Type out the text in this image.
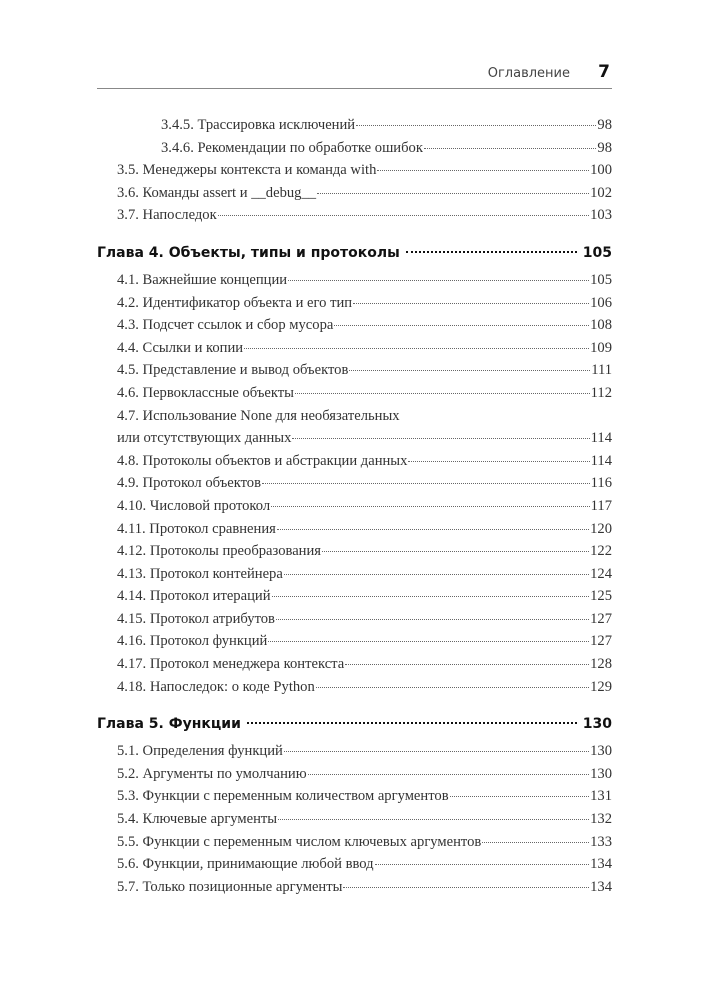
Оглавление 7
3.4.5. Трассировка исключений	98
3.4.6. Рекомендации по обработке ошибок	98
3.5. Менеджеры контекста и команда with	100
3.6. Команды assert и __debug__	102
3.7. Напоследок	103
Глава 4. Объекты, типы и протоколы	105
4.1. Важнейшие концепции	105
4.2. Идентификатор объекта и его тип	106
4.3. Подсчет ссылок и сбор мусора	108
4.4. Ссылки и копии	109
4.5. Представление и вывод объектов	111
4.6. Первоклассные объекты	112
4.7. Использование None для необязательных
или отсутствующих данных	114
4.8. Протоколы объектов и абстракции данных	114
4.9. Протокол объектов	116
4.10. Числовой протокол	117
4.11. Протокол сравнения	120
4.12. Протоколы преобразования	122
4.13. Протокол контейнера	124
4.14. Протокол итераций	125
4.15. Протокол атрибутов	127
4.16. Протокол функций	127
4.17. Протокол менеджера контекста	128
4.18. Напоследок: о коде Python	129
Глава 5. Функции	130
5.1. Определения функций	130
5.2. Аргументы по умолчанию	130
5.3. Функции с переменным количеством аргументов	131
5.4. Ключевые аргументы	132
5.5. Функции с переменным числом ключевых аргументов	133
5.6. Функции, принимающие любой ввод	134
5.7. Только позиционные аргументы	134
